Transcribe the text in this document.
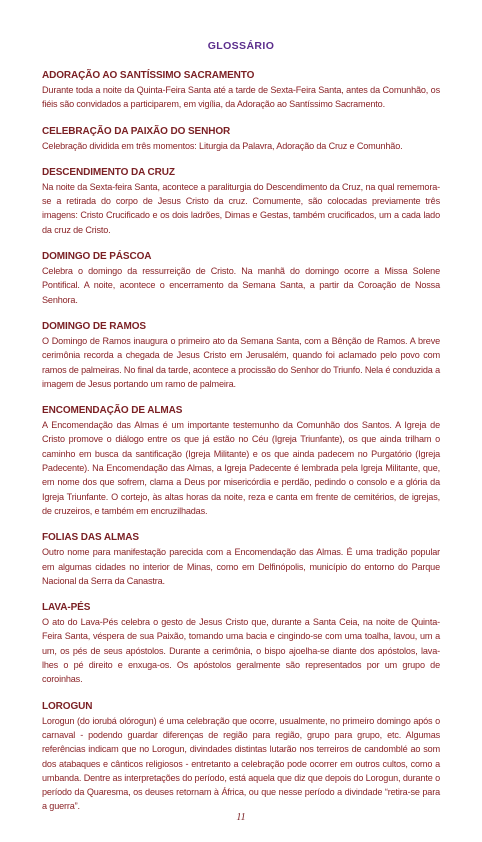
GLOSSÁRIO

ADORAÇÃO AO SANTÍSSIMO SACRAMENTO

Durante toda a noite da Quinta-Feira Santa até a tarde de Sexta-Feira Santa, antes da Comunhão, os fiéis são convidados a participarem, em vigília, da Adoração ao Santíssimo Sacramento.

CELEBRAÇÃO DA PAIXÃO DO SENHOR

Celebração dividida em três momentos: Liturgia da Palavra, Adoração da Cruz e Comunhão.

DESCENDIMENTO DA CRUZ

Na noite da Sexta-feira Santa, acontece a paraliturgia do Descendimento da Cruz, na qual rememora-se a retirada do corpo de Jesus Cristo da cruz. Comumente, são colocadas previamente três imagens: Cristo Crucificado e os dois ladrões, Dimas e Gestas, também crucificados, um a cada lado da cruz de Cristo.

DOMINGO DE PÁSCOA

Celebra o domingo da ressurreição de Cristo. Na manhã do domingo ocorre a Missa Solene Pontifical. A noite, acontece o encerramento da Semana Santa, a partir da Coroação de Nossa Senhora.

DOMINGO DE RAMOS

O Domingo de Ramos inaugura o primeiro ato da Semana Santa, com a Bênção de Ramos. A breve cerimônia recorda a chegada de Jesus Cristo em Jerusalém, quando foi aclamado pelo povo com ramos de palmeiras. No final da tarde, acontece a procissão do Senhor do Triunfo. Nela é conduzida a imagem de Jesus portando um ramo de palmeira.

ENCOMENDAÇÃO DE ALMAS

A Encomendação das Almas é um importante testemunho da Comunhão dos Santos. A Igreja de Cristo promove o diálogo entre os que já estão no Céu (Igreja Triunfante), os que ainda trilham o caminho em busca da santificação (Igreja Militante) e os que ainda padecem no Purgatório (Igreja Padecente). Na Encomendação das Almas, a Igreja Padecente é lembrada pela Igreja Militante, que, em nome dos que sofrem, clama a Deus por misericórdia e perdão, pedindo o consolo e a glória da Igreja Triunfante. O cortejo, às altas horas da noite, reza e canta em frente de cemitérios, de igrejas, de cruzeiros, e também em encruzilhadas.

FOLIAS DAS ALMAS

Outro nome para manifestação parecida com a Encomendação das Almas. É uma tradição popular em algumas cidades no interior de Minas, como em Delfinópolis, município do entorno do Parque Nacional da Serra da Canastra.

LAVA-PÉS

O ato do Lava-Pés celebra o gesto de Jesus Cristo que, durante a Santa Ceia, na noite de Quinta-Feira Santa, véspera de sua Paixão, tomando uma bacia e cingindo-se com uma toalha, lavou, um a um, os pés de seus apóstolos. Durante a cerimônia, o bispo ajoelha-se diante dos apóstolos, lava-lhes o pé direito e enxuga-os. Os apóstolos geralmente são representados por um grupo de coroinhas.

LOROGUN

Lorogun (do iorubá olórogun) é uma celebração que ocorre, usualmente, no primeiro domingo após o carnaval - podendo guardar diferenças de região para região, grupo para grupo, etc. Algumas referências indicam que no Lorogun, divindades distintas lutarão nos terreiros de candomblé ao som dos atabaques e cânticos religiosos - entretanto a celebração pode ocorrer em outros cultos, como a umbanda. Dentre as interpretações do período, está aquela que diz que depois do Lorogun, durante o período da Quaresma, os deuses retornam à África, ou que nesse período a divindade “retira-se para a guerra”.

11
